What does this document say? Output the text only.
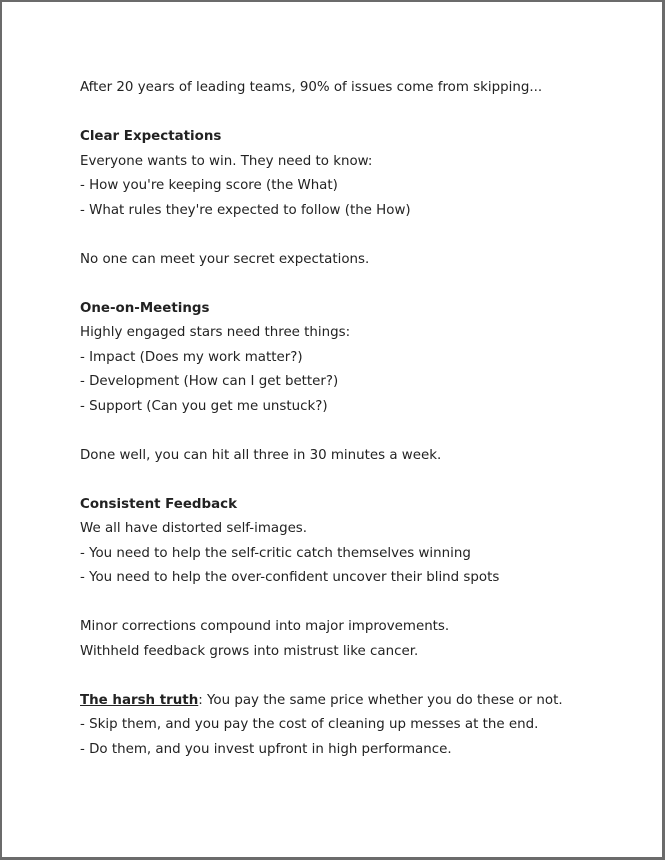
After 20 years of leading teams, 90% of issues come from skipping...
Clear Expectations
Everyone wants to win. They need to know:
- How you're keeping score (the What)
- What rules they're expected to follow (the How)
No one can meet your secret expectations.
One-on-Meetings
Highly engaged stars need three things:
- Impact (Does my work matter?)
- Development (How can I get better?)
- Support (Can you get me unstuck?)
Done well, you can hit all three in 30 minutes a week.
Consistent Feedback
We all have distorted self-images.
- You need to help the self-critic catch themselves winning
- You need to help the over-confident uncover their blind spots
Minor corrections compound into major improvements.
Withheld feedback grows into mistrust like cancer.
The harsh truth: You pay the same price whether you do these or not.
- Skip them, and you pay the cost of cleaning up messes at the end.
- Do them, and you invest upfront in high performance.
